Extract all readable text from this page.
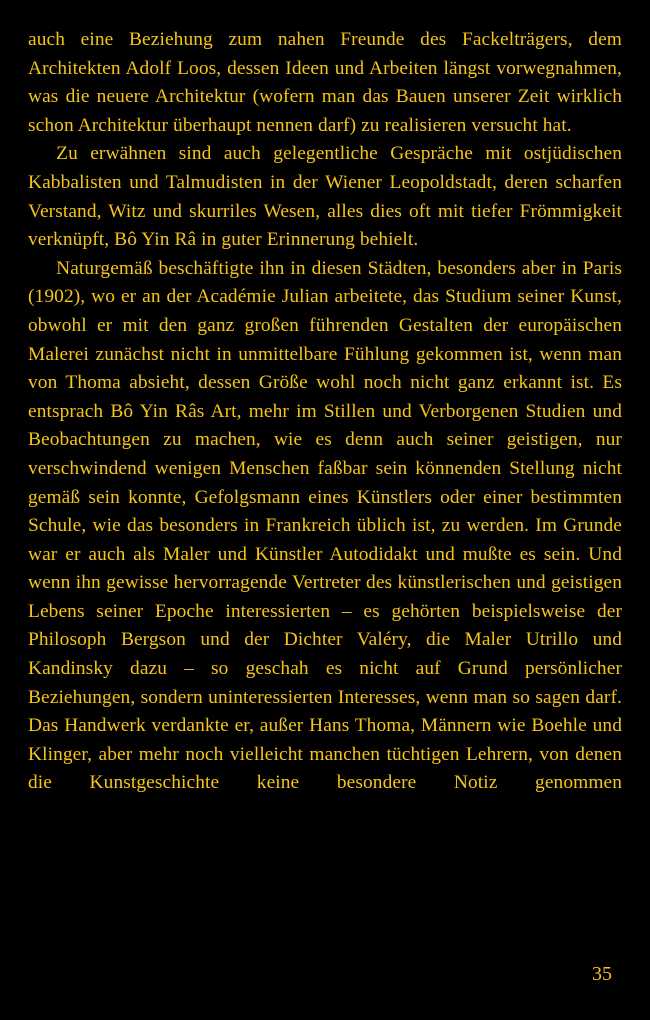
auch eine Beziehung zum nahen Freunde des Fackelträgers, dem Architekten Adolf Loos, dessen Ideen und Arbeiten längst vorwegnahmen, was die neuere Architektur (wofern man das Bauen unserer Zeit wirklich schon Architektur überhaupt nennen darf) zu realisieren versucht hat.

Zu erwähnen sind auch gelegentliche Gespräche mit ostjüdischen Kabbalisten und Talmudisten in der Wiener Leopoldstadt, deren scharfen Verstand, Witz und skurriles Wesen, alles dies oft mit tiefer Frömmigkeit verknüpft, Bô Yin Râ in guter Erinnerung behielt.

Naturgemäß beschäftigte ihn in diesen Städten, besonders aber in Paris (1902), wo er an der Académie Julian arbeitete, das Studium seiner Kunst, obwohl er mit den ganz großen führenden Gestalten der europäischen Malerei zunächst nicht in unmittelbare Fühlung gekommen ist, wenn man von Thoma absieht, dessen Größe wohl noch nicht ganz erkannt ist. Es entsprach Bô Yin Râs Art, mehr im Stillen und Verborgenen Studien und Beobachtungen zu machen, wie es denn auch seiner geistigen, nur verschwindend wenigen Menschen faßbar sein könnenden Stellung nicht gemäß sein konnte, Gefolgsmann eines Künstlers oder einer bestimmten Schule, wie das besonders in Frankreich üblich ist, zu werden. Im Grunde war er auch als Maler und Künstler Autodidakt und mußte es sein. Und wenn ihn gewisse hervorragende Vertreter des künstlerischen und geistigen Lebens seiner Epoche interessierten – es gehörten beispielsweise der Philosoph Bergson und der Dichter Valéry, die Maler Utrillo und Kandinsky dazu – so geschah es nicht auf Grund persönlicher Beziehungen, sondern uninteressierten Interesses, wenn man so sagen darf. Das Handwerk verdankte er, außer Hans Thoma, Männern wie Boehle und Klinger, aber mehr noch vielleicht manchen tüchtigen Lehrern, von denen die Kunstgeschichte keine besondere Notiz genommen

35
